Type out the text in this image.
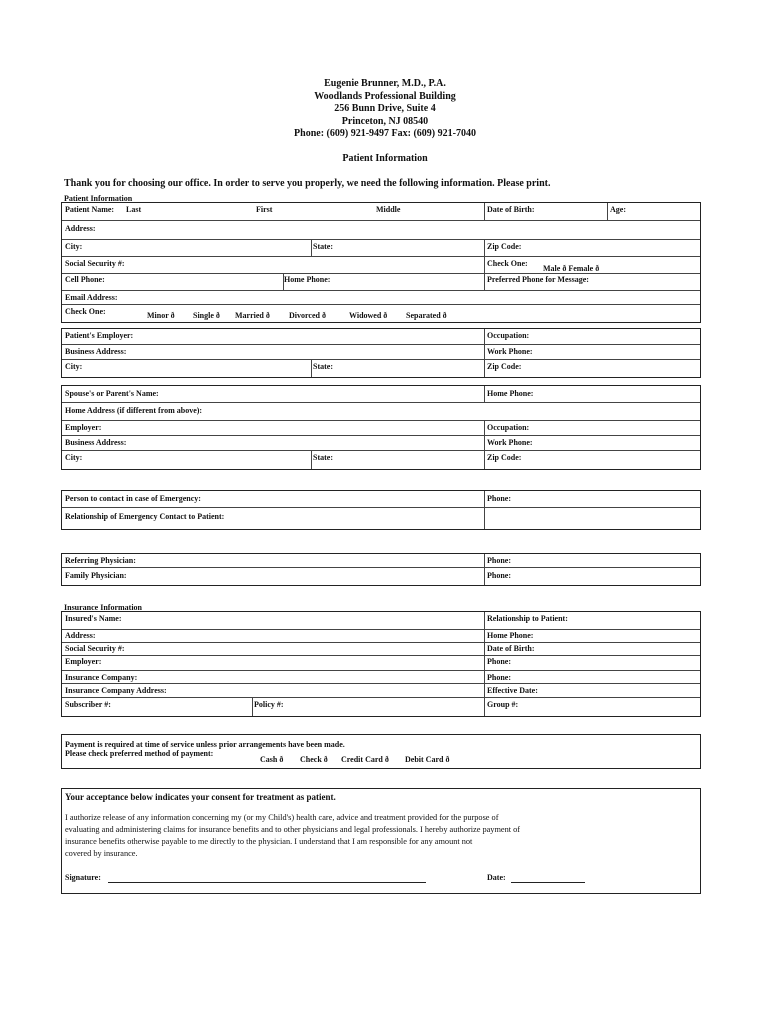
Eugenie Brunner, M.D., P.A.
Woodlands Professional Building
256 Bunn Drive, Suite 4
Princeton, NJ 08540
Phone: (609) 921-9497 Fax: (609) 921-7040
Patient Information
Thank you for choosing our office. In order to serve you properly, we need the following information. Please print.
Patient Information
Patient Name: Last	First	Middle	Date of Birth:	Age:
Address:
City:	State:	Zip Code:
Social Security #:	Check One:
Male ð Female ð
Cell Phone:	Home Phone:	Preferred Phone for Message:
Email Address:
Check One:	Minor ð Single ð Married ð Divorced ð	Widowed ð Separated ð
Patient's Employer:	Occupation:
Business Address:	Work Phone:
City:	State:	Zip Code:
Spouse's or Parent's Name:	Home Phone:
Home Address (if different from above):
Employer:	Occupation:
Business Address:	Work Phone:
City:	State:	Zip Code:
Person to contact in case of Emergency:	Phone:
Relationship of Emergency Contact to Patient:
Referring Physician:	Phone:
Family Physician:	Phone:
Insurance Information
Insured's Name:	Relationship to Patient:
Address:	Home Phone:
Social Security #:	Date of Birth:
Employer:	Phone:
Insurance Company:	Phone:
Insurance Company Address:	Effective Date:
Subscriber #:	Policy #:	Group #:
Payment is required at time of service unless prior arrangements have been made.
Please check preferred method of payment:
Cash ð Check ð Credit Card ð Debit Card ð
Your acceptance below indicates your consent for treatment as patient.
I authorize release of any information concerning my (or my Child's) health care, advice and treatment provided for the purpose of
evaluating and administering claims for insurance benefits and to other physicians and legal professionals. I hereby authorize payment of
insurance benefits otherwise payable to me directly to the physician. I understand that I am responsible for any amount not
covered by insurance.
Signature:	Date:
